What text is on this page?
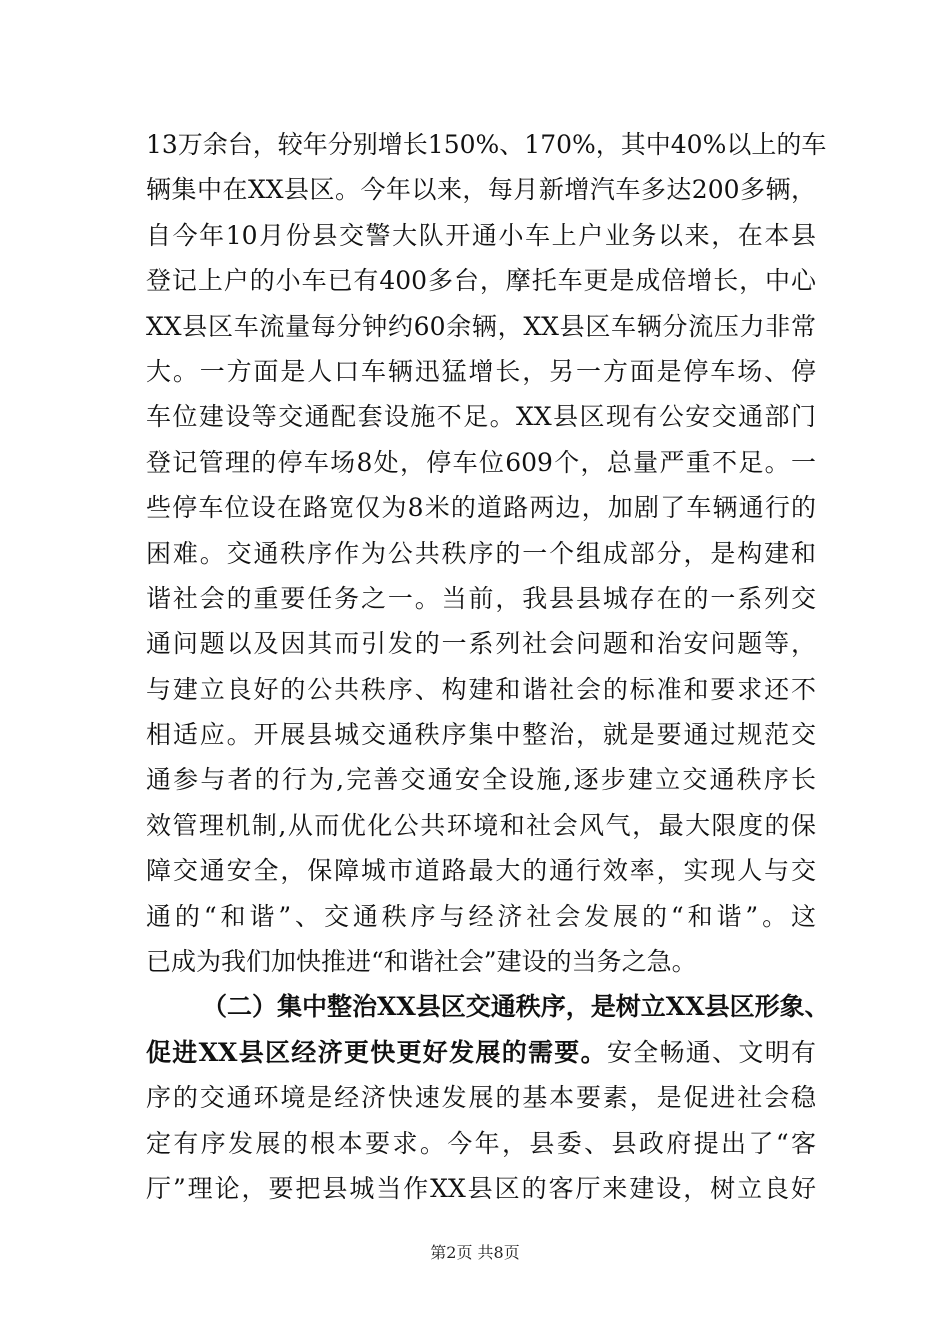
13万余台，较年分别增长150%、170%，其中40%以上的车
辆集中在XX县区。今年以来，每月新增汽车多达200多辆，
自今年10月份县交警大队开通小车上户业务以来，在本县
登记上户的小车已有400多台，摩托车更是成倍增长，中心
XX县区车流量每分钟约60余辆，XX县区车辆分流压力非常
大。一方面是人口车辆迅猛增长，另一方面是停车场、停
车位建设等交通配套设施不足。XX县区现有公安交通部门
登记管理的停车场8处，停车位609个，总量严重不足。一
些停车位设在路宽仅为8米的道路两边，加剧了车辆通行的
困难。交通秩序作为公共秩序的一个组成部分，是构建和
谐社会的重要任务之一。当前，我县县城存在的一系列交
通问题以及因其而引发的一系列社会问题和治安问题等，
与建立良好的公共秩序、构建和谐社会的标准和要求还不
相适应。开展县城交通秩序集中整治，就是要通过规范交
通参与者的行为,完善交通安全设施,逐步建立交通秩序长
效管理机制,从而优化公共环境和社会风气，最大限度的保
障交通安全，保障城市道路最大的通行效率，实现人与交
通的“和谐”、交通秩序与经济社会发展的“和谐”。这
已成为我们加快推进“和谐社会”建设的当务之急。
（二）集中整治XX县区交通秩序，是树立XX县区形象、
促进XX县区经济更快更好发展的需要。安全畅通、文明有
序的交通环境是经济快速发展的基本要素，是促进社会稳
定有序发展的根本要求。今年，县委、县政府提出了“客
厅”理论，要把县城当作XX县区的客厅来建设，树立良好
第2页 共8页
